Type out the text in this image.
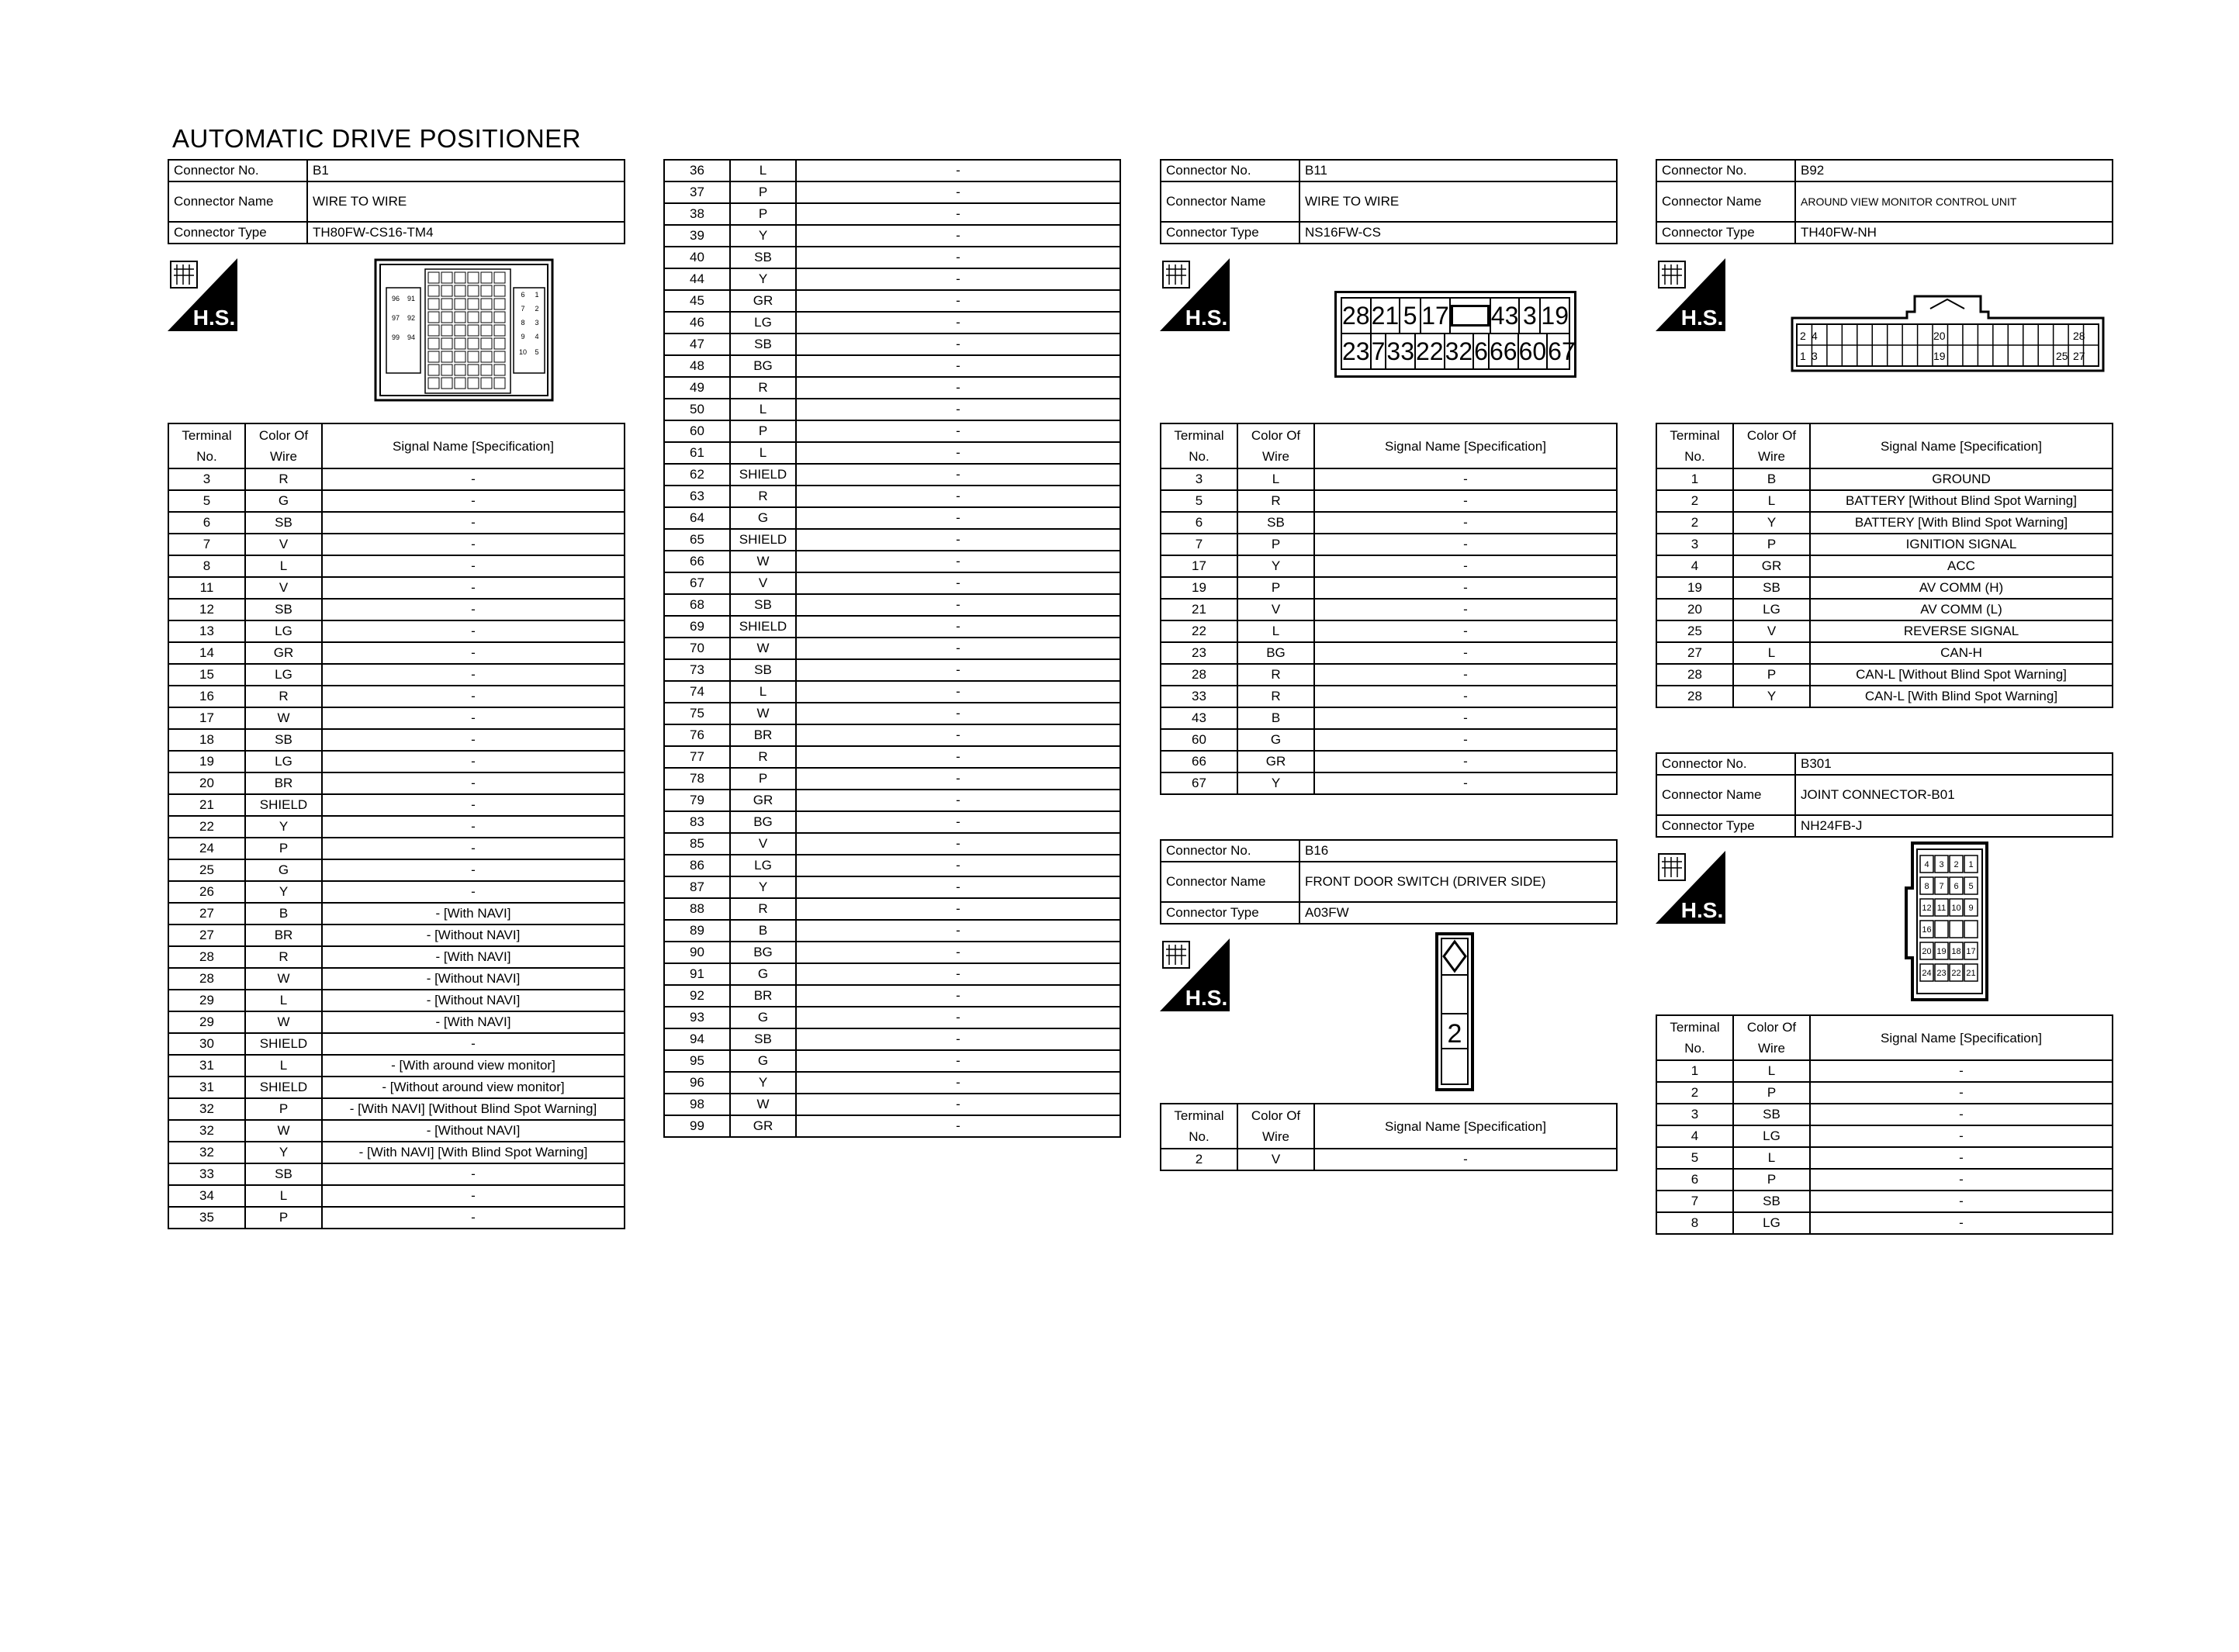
AUTOMATIC DRIVE POSITIONER
Connector No.	B1
Connector Name	WIRE TO WIRE
Connector Type	TH80FW-CS16-TM4
H.S.
96 91
97 92
99 94
6 1
7 2
8 3
9 4
10 5
Terminal No.	Color Of Wire	Signal Name [Specification]
3	R	-
5	G	-
6	SB	-
7	V	-
8	L	-
11	V	-
12	SB	-
13	LG	-
14	GR	-
15	LG	-
16	R	-
17	W	-
18	SB	-
19	LG	-
20	BR	-
21	SHIELD	-
22	Y	-
24	P	-
25	G	-
26	Y	-
27	B	- [With NAVI]
27	BR	- [Without NAVI]
28	R	- [With NAVI]
28	W	- [Without NAVI]
29	L	- [Without NAVI]
29	W	- [With NAVI]
30	SHIELD	-
31	L	- [With around view monitor]
31	SHIELD	- [Without around view monitor]
32	P	- [With NAVI] [Without Blind Spot Warning]
32	W	- [Without NAVI]
32	Y	- [With NAVI] [With Blind Spot Warning]
33	SB	-
34	L	-
35	P	-
36	L	-
37	P	-
38	P	-
39	Y	-
40	SB	-
44	Y	-
45	GR	-
46	LG	-
47	SB	-
48	BG	-
49	R	-
50	L	-
60	P	-
61	L	-
62	SHIELD	-
63	R	-
64	G	-
65	SHIELD	-
66	W	-
67	V	-
68	SB	-
69	SHIELD	-
70	W	-
73	SB	-
74	L	-
75	W	-
76	BR	-
77	R	-
78	P	-
79	GR	-
83	BG	-
85	V	-
86	LG	-
87	Y	-
88	R	-
89	B	-
90	BG	-
91	G	-
92	BR	-
93	G	-
94	SB	-
95	G	-
96	Y	-
98	W	-
99	GR	-
Connector No.	B11
Connector Name	WIRE TO WIRE
Connector Type	NS16FW-CS
H.S.	28 21 5 17 43 3 19
23 7 33 22 32 6 66 60 67
Terminal No.	Color Of Wire	Signal Name [Specification]
3	L	-
5	R	-
6	SB	-
7	P	-
17	Y	-
19	P	-
21	V	-
22	L	-
23	BG	-
28	R	-
33	R	-
43	B	-
60	G	-
66	GR	-
67	Y	-
Connector No.	B16
Connector Name	FRONT DOOR SWITCH (DRIVER SIDE)
Connector Type	A03FW
H.S.
2
Terminal No.	Color Of Wire	Signal Name [Specification]
2	V	-
Connector No.	B92
Connector Name	AROUND VIEW MONITOR CONTROL UNIT
Connector Type	TH40FW-NH
H.S.
2 4	20	28
1 3	19	25 27
Terminal No.	Color Of Wire	Signal Name [Specification]
1	B	GROUND
2	L	BATTERY [Without Blind Spot Warning]
2	Y	BATTERY [With Blind Spot Warning]
3	P	IGNITION SIGNAL
4	GR	ACC
19	SB	AV COMM (H)
20	LG	AV COMM (L)
25	V	REVERSE SIGNAL
27	L	CAN-H
28	P	CAN-L [Without Blind Spot Warning]
28	Y	CAN-L [With Blind Spot Warning]
Connector No.	B301
Connector Name	JOINT CONNECTOR-B01
Connector Type	NH24FB-J
H.S.
4 3 2 1
8 7 6 5
12 11 10 9
16
20 19 18 17
24 23 22 21
Terminal No.	Color Of Wire	Signal Name [Specification]
1	L	-
2	P	-
3	SB	-
4	LG	-
5	L	-
6	P	-
7	SB	-
8	LG	-
